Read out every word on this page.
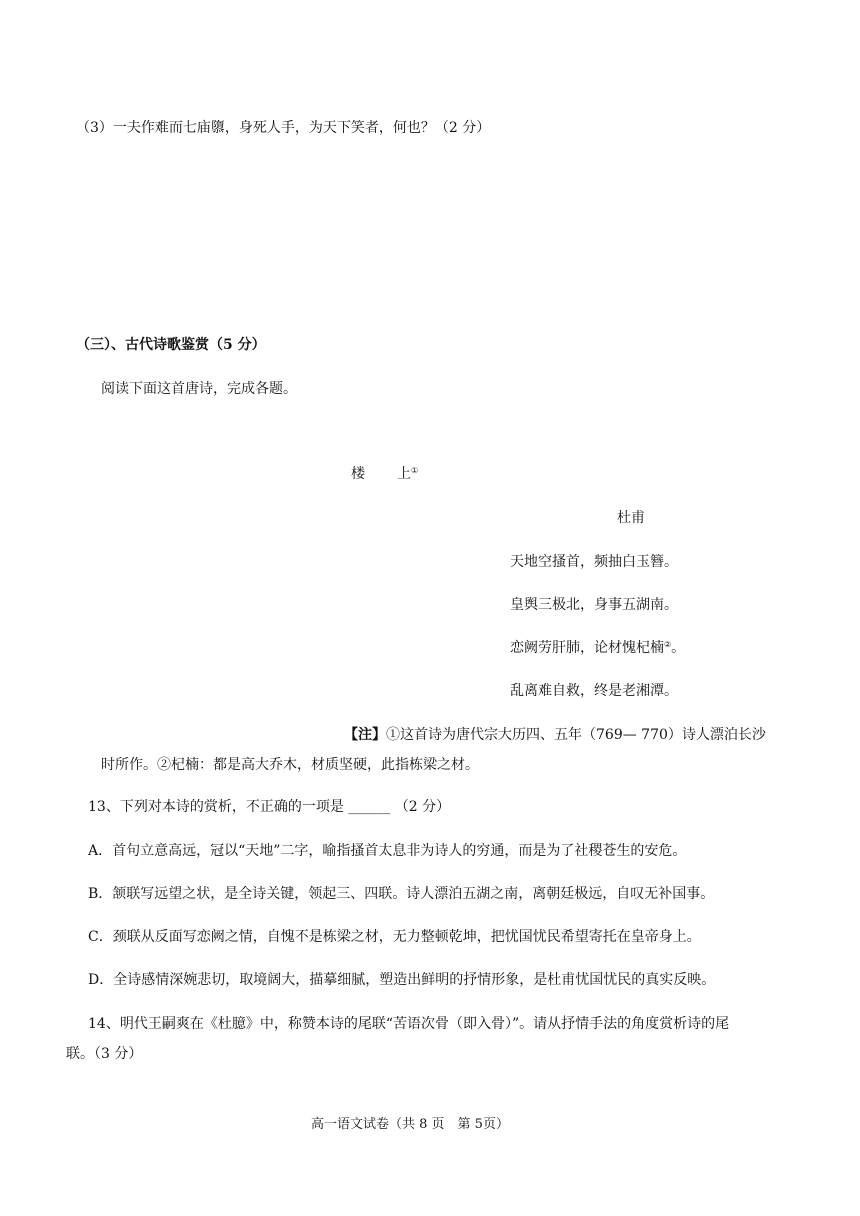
（3）一夫作难而七庙隳，身死人手，为天下笑者，何也？（2 分）
（三）、古代诗歌鉴赏（5 分）
阅读下面这首唐诗，完成各题。
楼 上①
杜甫
天地空搔首，频抽白玉簪。
皇舆三极北，身事五湖南。
恋阙劳肝肺，论材愧杞楠②。
乱离难自救，终是老湘潭。
【注】①这首诗为唐代宗大历四、五年（769— 770）诗人漂泊长沙
时所作。②杞楠：都是高大乔木，材质坚硬，此指栋梁之材。
13、下列对本诗的赏析，不正确的一项是 ______ （2 分）
A．首句立意高远，冠以“天地”二字，喻指搔首太息非为诗人的穷通，而是为了社稷苍生的安危。
B．颔联写远望之状，是全诗关键，领起三、四联。诗人漂泊五湖之南，离朝廷极远，自叹无补国事。
C．颈联从反面写恋阙之情，自愧不是栋梁之材，无力整顿乾坤，把忧国忧民希望寄托在皇帝身上。
D．全诗感情深婉悲切，取境阔大，描摹细腻，塑造出鲜明的抒情形象，是杜甫忧国忧民的真实反映。
14、明代王嗣爽在《杜臆》中，称赞本诗的尾联“苦语次骨（即入骨）”。请从抒情手法的角度赏析诗的尾
联。（3 分）
高一语文试卷（共 8 页　第 5页）
